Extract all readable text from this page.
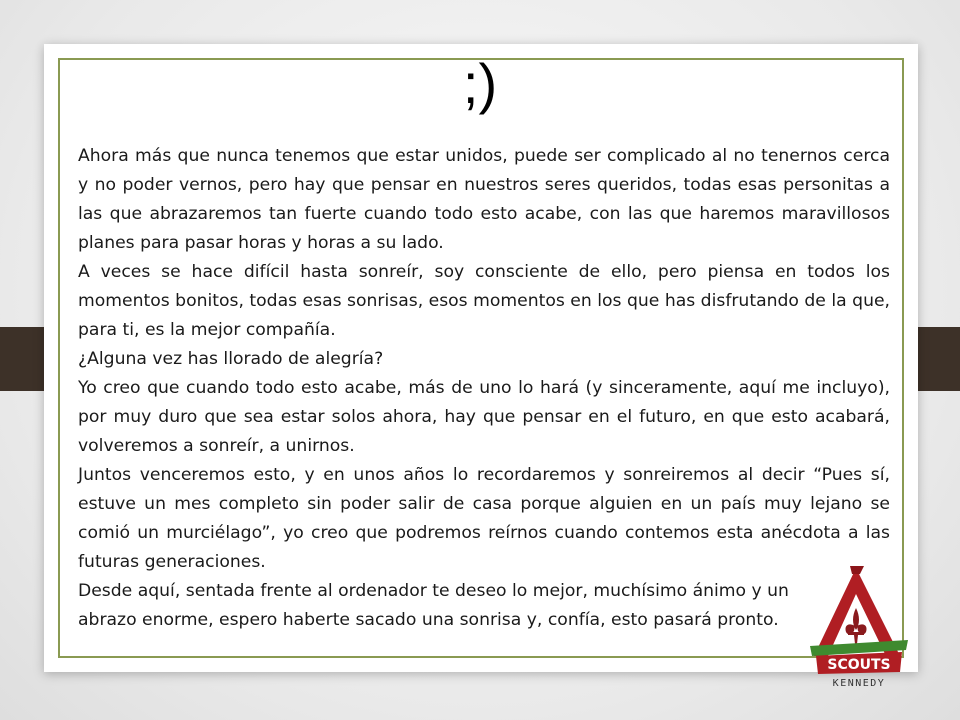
;)

Ahora más que nunca tenemos que estar unidos, puede ser complicado al no tenernos cerca y no poder vernos, pero hay que pensar en nuestros seres queridos, todas esas personitas a las que abrazaremos tan fuerte cuando todo esto acabe, con las que haremos maravillosos planes para pasar horas y horas a su lado.

A veces se hace difícil hasta sonreír, soy consciente de ello, pero piensa en todos los momentos bonitos, todas esas sonrisas, esos momentos en los que has disfrutando de la que, para ti, es la mejor compañía.

¿Alguna vez has llorado de alegría?

Yo creo que cuando todo esto acabe, más de uno lo hará (y sinceramente, aquí me incluyo), por muy duro que sea estar solos ahora, hay que pensar en el futuro, en que esto acabará, volveremos a sonreír, a unirnos.

Juntos venceremos esto, y en unos años lo recordaremos y sonreiremos al decir “Pues sí, estuve un mes completo sin poder salir de casa porque alguien en un país muy lejano se comió un murciélago”, yo creo que podremos reírnos cuando contemos esta anécdota a las futuras generaciones.

Desde aquí, sentada frente al ordenador te deseo lo mejor, muchísimo ánimo y un abrazo enorme, espero haberte sacado una sonrisa y, confía, esto pasará pronto.

SCOUTS
KENNEDY
